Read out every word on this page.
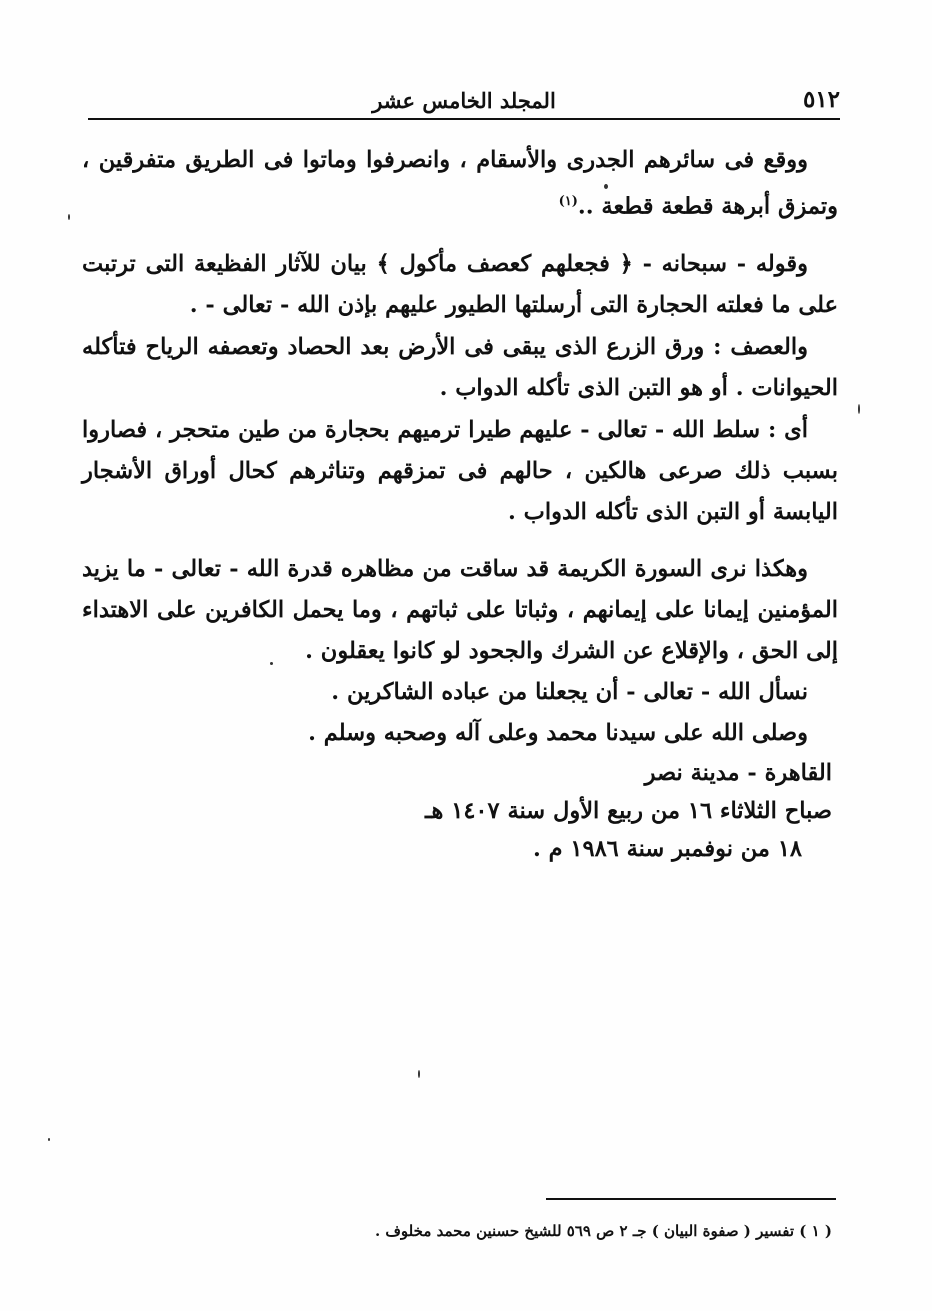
٥١٢
المجلد الخامس عشر

ووقع فى سائرهم الجدرى والأسقام ، وانصرفوا وماتوا فى الطريق متفرقين ، وتمزق أبرهة قطعة قطعة ..$^{(١)}$

وقوله - سبحانه - ﴿ فجعلهم كعصف مأكول ﴾ بيان للآثار الفظيعة التى ترتبت على ما فعلته الحجارة التى أرسلتها الطيور عليهم بإذن الله - تعالى - .

والعصف : ورق الزرع الذى يبقى فى الأرض بعد الحصاد وتعصفه الرياح فتأكله الحيوانات . أو هو التبن الذى تأكله الدواب .

أى : سلط الله - تعالى - عليهم طيرا ترميهم بحجارة من طين متحجر ، فصاروا بسبب ذلك صرعى هالكين ، حالهم فى تمزقهم وتناثرهم كحال أوراق الأشجار اليابسة أو التبن الذى تأكله الدواب .

وهكذا نرى السورة الكريمة قد ساقت من مظاهره قدرة الله - تعالى - ما يزيد المؤمنين إيمانا على إيمانهم ، وثباتا على ثباتهم ، وما يحمل الكافرين على الاهتداء إلى الحق ، والإقلاع عن الشرك والجحود لو كانوا يعقلون .

نسأل الله - تعالى - أن يجعلنا من عباده الشاكرين .

وصلى الله على سيدنا محمد وعلى آله وصحبه وسلم .

القاهرة - مدينة نصر
صباح الثلاثاء ١٦ من ربيع الأول سنة ١٤٠٧ هـ
١٨ من نوفمبر سنة ١٩٨٦ م .
( ١ ) تفسير ( صفوة البيان ) جـ ٢ ص ٥٦٩ للشيخ حسنين محمد مخلوف .
